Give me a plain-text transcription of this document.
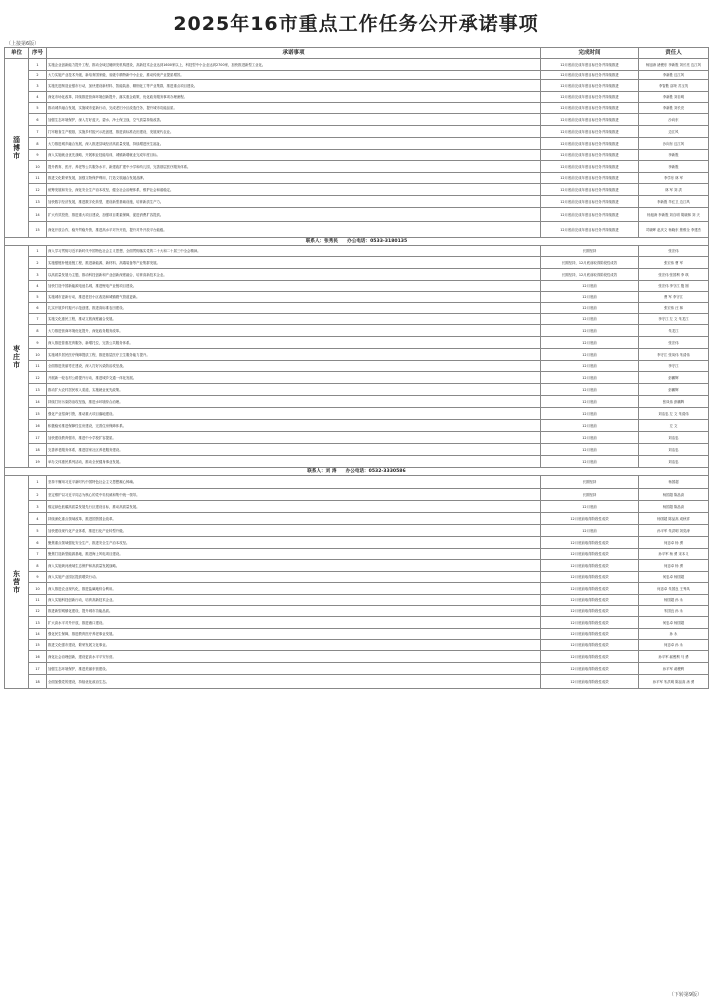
2025年16市重点工作任务公开承诺事项
（上接第6版）
单位	序号	承诺事项	完成时间	责任人
淄博市	1	实施企业创新能力提升工程，推动全域过硬研发机构建设，高新技术企业达到1600家以上，科技型中小企业达到2700家，加快推进新型工业化。	12月底前完成年度目标任务并持续推进	杨旭涛 褚俊东 李新胜 刘长亮 边江风
	2	大力实施产业技术升级，新培育国家级、省级专精特新中小企业，推动传统产业提质增效。	12月底前完成年度目标任务并持续推进	李新胜 边江风
	3	实施先进制造业强市行动，加快建设新材料、智能装备、精细化工等产业集群，推进重点项目建设。	12月底前完成年度目标任务并持续推进	李智胜 邵荣 苏玉茂
	4	深化市场化改革，持续推进营商环境创新提升，落实惠企政策，优化政务服务事项办理流程。	12月底前完成年度目标任务并持续推进	李新胜 刘自明
	5	推动城乡融合发展，实施城市更新行动，完成老旧小区改造任务，提升城市功能品质。	12月底前完成年度目标任务并持续推进	李新胜 刘长亮
	6	加强生态环境保护，深入打好蓝天、碧水、净土保卫战，空气质量持续改善。	12月底前完成年度目标任务并持续推进	沙向东
	7	打牢粮食生产根基，实施乡村振兴示范创建，推进高标准农田建设，发展现代农业。	12月底前完成年度目标任务并持续推进	边江风
	8	大力推进城乡融合发展，深入推进县域经济高质量发展，持续增进民生福祉。	12月底前完成年度目标任务并持续推进	沙向东 边江风
	9	深入实施就业优先战略，开展职业技能培训，城镇新增就业完成年度目标。	12月底前完成年度目标任务并持续推进	李新胜
	10	提升教育、医疗、养老等公共服务水平，新建改扩建中小学和幼儿园，完善基层医疗服务体系。	12月底前完成年度目标任务并持续推进	李新胜
	11	推进文化繁荣发展，加强文物保护利用，打造文旅融合发展品牌。	12月底前完成年度目标任务并持续推进	李学东 林 军
	12	统筹发展和安全，深化安全生产治本攻坚，健全社会治理体系，维护社会和谐稳定。	12月底前完成年度目标任务并持续推进	林 军 刘 洪
	13	加快数字经济发展，推进数字化转型，建设新型基础设施，培育新质生产力。	12月底前完成年度目标任务并持续推进	李新胜 毕红卫 边江风
	14	扩大有效投资，推进重大项目建设，加强项目要素保障，促进消费扩容提质。	12月底前完成年度目标任务并持续推进	杨旭涛 李新胜 刘自明 胡晓林 刘 天
	15	深化开放合作，稳外贸稳外资，推进高水平对外开放，提升对外开放平台能级。	12月底前完成年度目标任务并持续推进	司晓晖 赵庆文 杨晓东 焦维全 李建杰
联系人：张秀民　　办公电话：0533-3180135				
枣庄市	1	深入学习贯彻习近平新时代中国特色社会主义思想，全面贯彻落实党的二十大和二十届三中全会精神。	长期坚持	张宏伟
	2	实施强链补链延链工程，推进新能源、新材料、高端装备等产业集群发展。	长期坚持，12月底前取得阶段性成效	张宏伟 曹 军
	3	以高质量发展为主题，推动科技创新和产业创新深度融合，培育高新技术企业。	长期坚持，12月底前取得阶段性成效	张宏伟 张国利 李 琪
	4	加快打造中国新能源电池名城，推进锂电产业链项目建设。	12月底前	张宏伟 李守江 殷 刚
	5	实施城市更新行动，推进老旧小区改造和城镇燃气管道更新。	12月底前	曹 军 李守江
	6	扎实开展乡村振兴示范创建，推进高标准农田建设。	12月底前	张宏伟 汪 林
	7	实施文化惠民工程，推动文旅深度融合发展。	12月底前	李守江 左 文 朱龙江
	8	大力推进营商环境优化提升，深化政务服务改革。	12月底前	朱龙江
	9	深入推进普惠托育服务，新增托位，完善公共服务体系。	12月底前	张宏伟
	10	实施城乡居民医疗保障提质工程，推进基层医疗卫生服务能力提升。	12月底前	李守江 张凤伟 朱清伟
	11	全面推进美丽枣庄建设，深入打好污染防治攻坚战。	12月底前	李守江
	12	开展新一轮农村公路提升行动，推进城乡交通一体化发展。	12月底前	彭鹏辉
	13	推动扩大农村居民收入渠道，实施就业优先政策。	12月底前	彭鹏辉
	14	持续打好污染防治攻坚战，推进水环境综合治理。	12月底前	张凤伟 彭鹏辉
	15	强化产业招商引资，推动重大项目落地建设。	12月底前	刘洁忠 左 文 朱清伟
	16	积极稳妥推进保障性住房建设，完善住房保障体系。	12月底前	左 文
	17	加快建设教育强市，推进中小学校扩容提质。	12月底前	刘洁忠
	18	完善养老服务体系，推进居家社区养老服务建设。	12月底前	刘洁忠
	19	举办文体惠民系列活动，推动全民健身事业发展。	12月底前	刘洁忠
联系人：刘 涛　　办公电话：0532-3330586				
东营市	1	坚持不懈用习近平新时代中国特色社会主义思想凝心铸魂。	长期坚持	杨国超
	2	坚定维护以习近平同志为核心的党中央权威和集中统一领导。	长期坚持	杨国超 陈品高
	3	锚定绿色低碳高质量发展先行区建设目标，推动高质量发展。	12月底前	杨国超 陈品高
	4	持续深化重点领域改革，推进国资国企改革。	12月底前取得阶段性成效	杨国超 陈品高 成秋祥
	5	加快建设现代化产业体系，推进石化产业转型升级。	12月底前	孙平军 朱洪明 刘奕涛
	6	聚焦重点领域强化安全生产，推进安全生产治本攻坚。	12月底前取得阶段性成效	何忠卓 杨 勇
	7	聚焦打造新型能源基地，推进海上风电项目建设。	12月底前取得阶段性成效	孙平军 杨 勇 宋本义
	8	深入实施黄河流域生态保护和高质量发展战略。	12月底前取得阶段性成效	何忠卓 杨 勇
	9	深入实施产业园区提质增效行动。	12月底前取得阶段性成效	何忠卓 杨国超
	10	深入推进农业现代化，推进盐碱地综合利用。	12月底前取得阶段性成效	何忠卓 朱国良 王秀凤
	11	深入实施科技创新行动，培育高新技术企业。	12月底前取得阶段性成效	杨国超 孙 永
	12	推进新型城镇化建设，提升城市功能品质。	12月底前取得阶段性成效	朱国良 孙 永
	13	扩大高水平对外开放，推进港口建设。	12月底前取得阶段性成效	何忠卓 杨国超
	14	强化民生保障，推进教育医疗养老事业发展。	12月底前取得阶段性成效	孙 永
	15	推进文化强市建设，繁荣发展文化事业。	12月底前取得阶段性成效	何忠卓 孙 永
	16	深化社会治理创新，建设更高水平平安东营。	12月底前取得阶段性成效	孙平军 郝俊利 马 勇
	17	加强生态环境保护，推进美丽东营建设。	12月底前取得阶段性成效	孙平军 郝俊利
	18	全面加强党的建设，持续优化政治生态。	12月底前取得阶段性成效	孙平军 朱洪明 陈品高 汤 勇
（下转第9版）
